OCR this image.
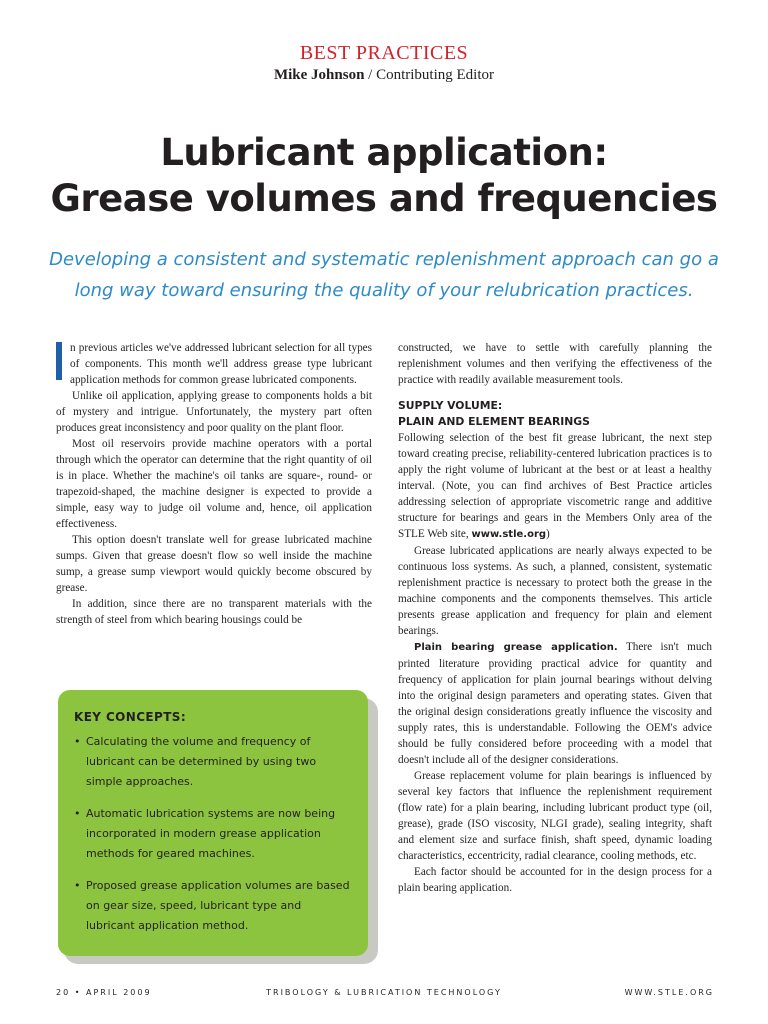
BEST PRACTICES
Mike Johnson / Contributing Editor
Lubricant application:
Grease volumes and frequencies
Developing a consistent and systematic replenishment approach can go a long way toward ensuring the quality of your relubrication practices.

n previous articles we've addressed lubricant selection for all types of components. This month we'll address grease type lubricant application methods for common grease lubricated components.

Unlike oil application, applying grease to components holds a bit of mystery and intrigue. Unfortunately, the mystery part often produces great inconsistency and poor quality on the plant floor.

Most oil reservoirs provide machine operators with a portal through which the operator can determine that the right quantity of oil is in place. Whether the machine's oil tanks are square-, round- or trapezoid-shaped, the machine designer is expected to provide a simple, easy way to judge oil volume and, hence, oil application effectiveness.

This option doesn't translate well for grease lubricated machine sumps. Given that grease doesn't flow so well inside the machine sump, a grease sump viewport would quickly become obscured by grease.

In addition, since there are no transparent materials with the strength of steel from which bearing housings could be

KEY CONCEPTS:
• Calculating the volume and frequency of lubricant can be determined by using two simple approaches.
• Automatic lubrication systems are now being incorporated in modern grease application methods for geared machines.
• Proposed grease application volumes are based on gear size, speed, lubricant type and lubricant application method.

constructed, we have to settle with carefully planning the replenishment volumes and then verifying the effectiveness of the practice with readily available measurement tools.

SUPPLY VOLUME:
PLAIN AND ELEMENT BEARINGS

Following selection of the best fit grease lubricant, the next step toward creating precise, reliability-centered lubrication practices is to apply the right volume of lubricant at the best or at least a healthy interval. (Note, you can find archives of Best Practice articles addressing selection of appropriate viscometric range and additive structure for bearings and gears in the Members Only area of the STLE Web site, www.stle.org)

Grease lubricated applications are nearly always expected to be continuous loss systems. As such, a planned, consistent, systematic replenishment practice is necessary to protect both the grease in the machine components and the components themselves. This article presents grease application and frequency for plain and element bearings.

Plain bearing grease application. There isn't much printed literature providing practical advice for quantity and frequency of application for plain journal bearings without delving into the original design parameters and operating states. Given that the original design considerations greatly influence the viscosity and supply rates, this is understandable. Following the OEM's advice should be fully considered before proceeding with a model that doesn't include all of the designer considerations.

Grease replacement volume for plain bearings is influenced by several key factors that influence the replenishment requirement (flow rate) for a plain bearing, including lubricant product type (oil, grease), grade (ISO viscosity, NLGI grade), sealing integrity, shaft and element size and surface finish, shaft speed, dynamic loading characteristics, eccentricity, radial clearance, cooling methods, etc.

Each factor should be accounted for in the design process for a plain bearing application.

20 • APRIL 2009	TRIBOLOGY & LUBRICATION TECHNOLOGY	WWW.STLE.ORG
